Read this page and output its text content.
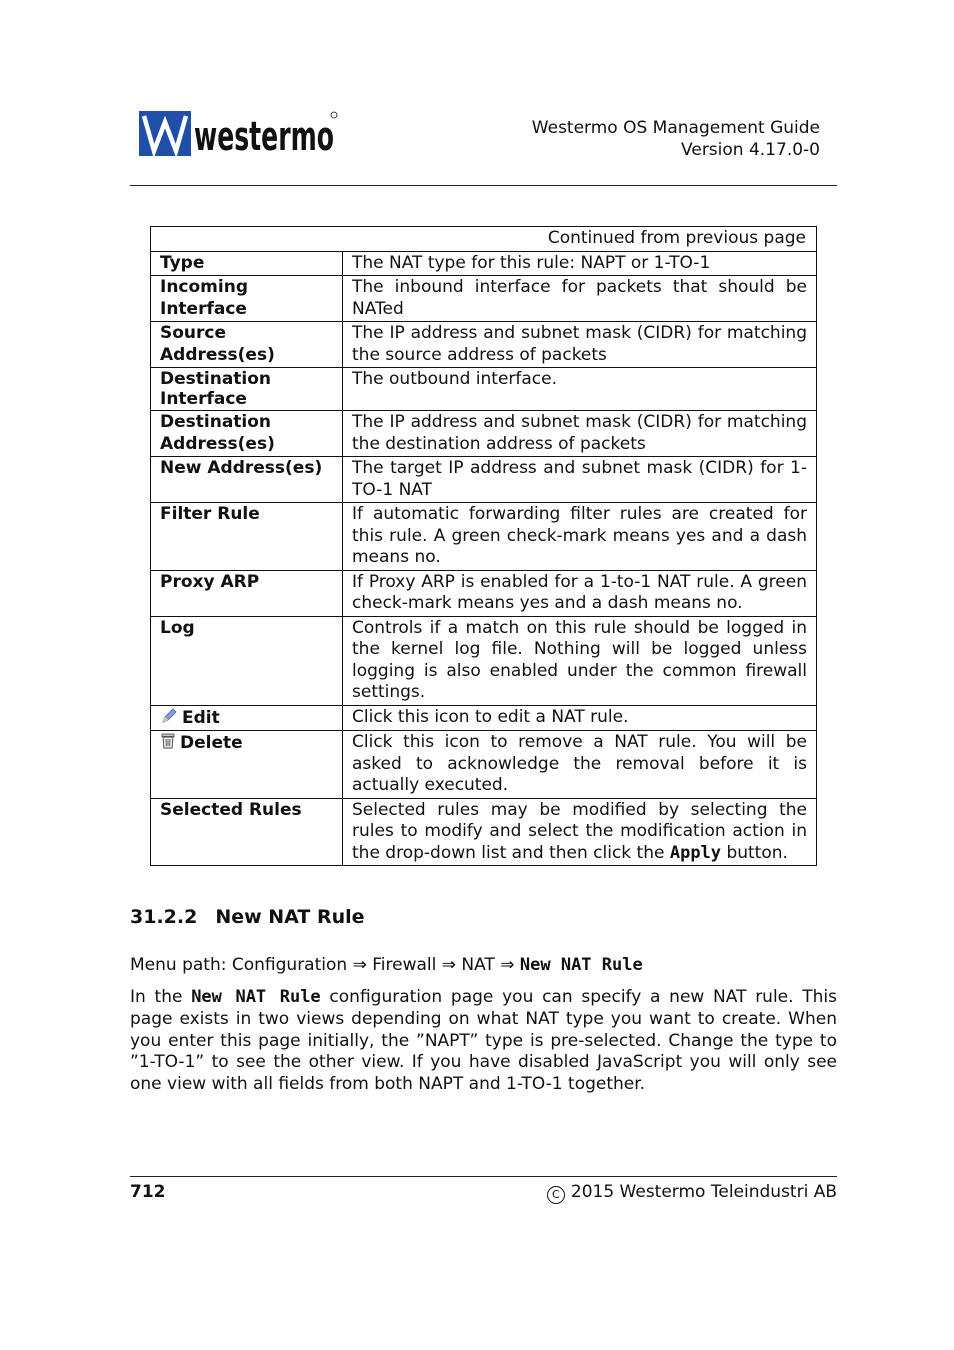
westermo	Westermo OS Management Guide
Version 4.17.0-0
Continued from previous page	
Type	The NAT type for this rule: NAPT or 1-TO-1

Incoming Interface	The inbound interface for packets that should be NATed

Source Address(es)	The IP address and subnet mask (CIDR) for matching the source address of packets

Destination Interface	The outbound interface.

Destination Address(es)	The IP address and subnet mask (CIDR) for matching the destination address of packets
New Address(es)	The target IP address and subnet mask (CIDR) for 1-TO-1 NAT
Filter Rule	If automatic forwarding filter rules are created for this rule. A green check-mark means yes and a dash means no.
Proxy ARP	If Proxy ARP is enabled for a 1-to-1 NAT rule. A green check-mark means yes and a dash means no.
Log	Controls if a match on this rule should be logged in the kernel log file. Nothing will be logged unless logging is also enabled under the common firewall settings.
Edit	Click this icon to edit a NAT rule.
Delete	Click this icon to remove a NAT rule. You will be asked to acknowledge the removal before it is actually executed.
Selected Rules	Selected rules may be modified by selecting the rules to modify and select the modification action in the drop-down list and then click the Apply button.
31.2.2 New NAT Rule
Menu path: Configuration ⇒ Firewall ⇒ NAT ⇒ New NAT Rule
In the New NAT Rule configuration page you can specify a new NAT rule. This page exists in two views depending on what NAT type you want to create. When you enter this page initially, the ”NAPT” type is pre-selected. Change the type to ”1-TO-1” to see the other view. If you have disabled JavaScript you will only see one view with all fields from both NAPT and 1-TO-1 together.
712	C 2015 Westermo Teleindustri AB
